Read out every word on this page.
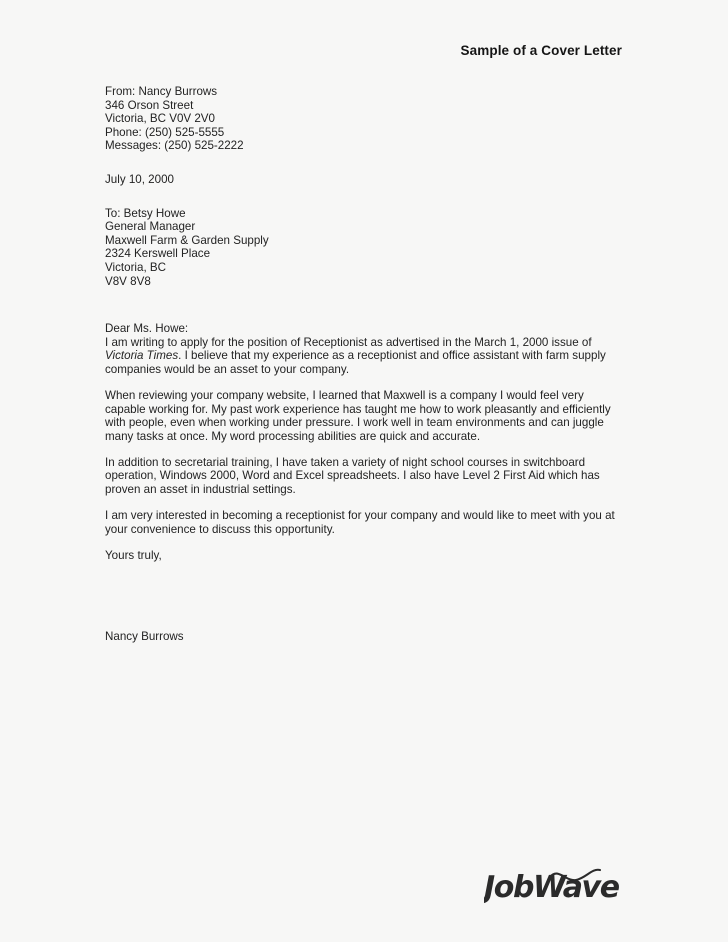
Sample of a Cover Letter
From: Nancy Burrows
346 Orson Street
Victoria, BC V0V 2V0
Phone: (250) 525-5555
Messages: (250) 525-2222
July 10, 2000
To: Betsy Howe
General Manager
Maxwell Farm & Garden Supply
2324 Kerswell Place
Victoria, BC
V8V 8V8
Dear Ms. Howe:

I am writing to apply for the position of Receptionist as advertised in the March 1, 2000 issue of Victoria Times. I believe that my experience as a receptionist and office assistant with farm supply companies would be an asset to your company.

When reviewing your company website, I learned that Maxwell is a company I would feel very capable working for. My past work experience has taught me how to work pleasantly and efficiently with people, even when working under pressure. I work well in team environments and can juggle many tasks at once. My word processing abilities are quick and accurate.

In addition to secretarial training, I have taken a variety of night school courses in switchboard operation, Windows 2000, Word and Excel spreadsheets. I also have Level 2 First Aid which has proven an asset in industrial settings.

I am very interested in becoming a receptionist for your company and would like to meet with you at your convenience to discuss this opportunity.

Yours truly,
Nancy Burrows
JobWave
